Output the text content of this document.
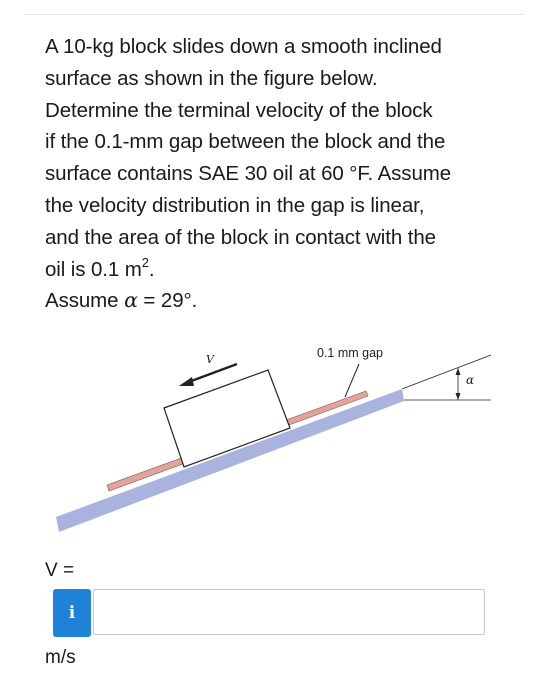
A 10-kg block slides down a smooth inclined

surface as shown in the figure below.

Determine the terminal velocity of the block

if the 0.1-mm gap between the block and the

surface contains SAE 30 oil at 60 °F. Assume

the velocity distribution in the gap is linear,

and the area of the block in contact with the

oil is 0.1 $m^2$.

Assume α = 29°.

V	0.1 mm gap
α
V =
i
m/s
